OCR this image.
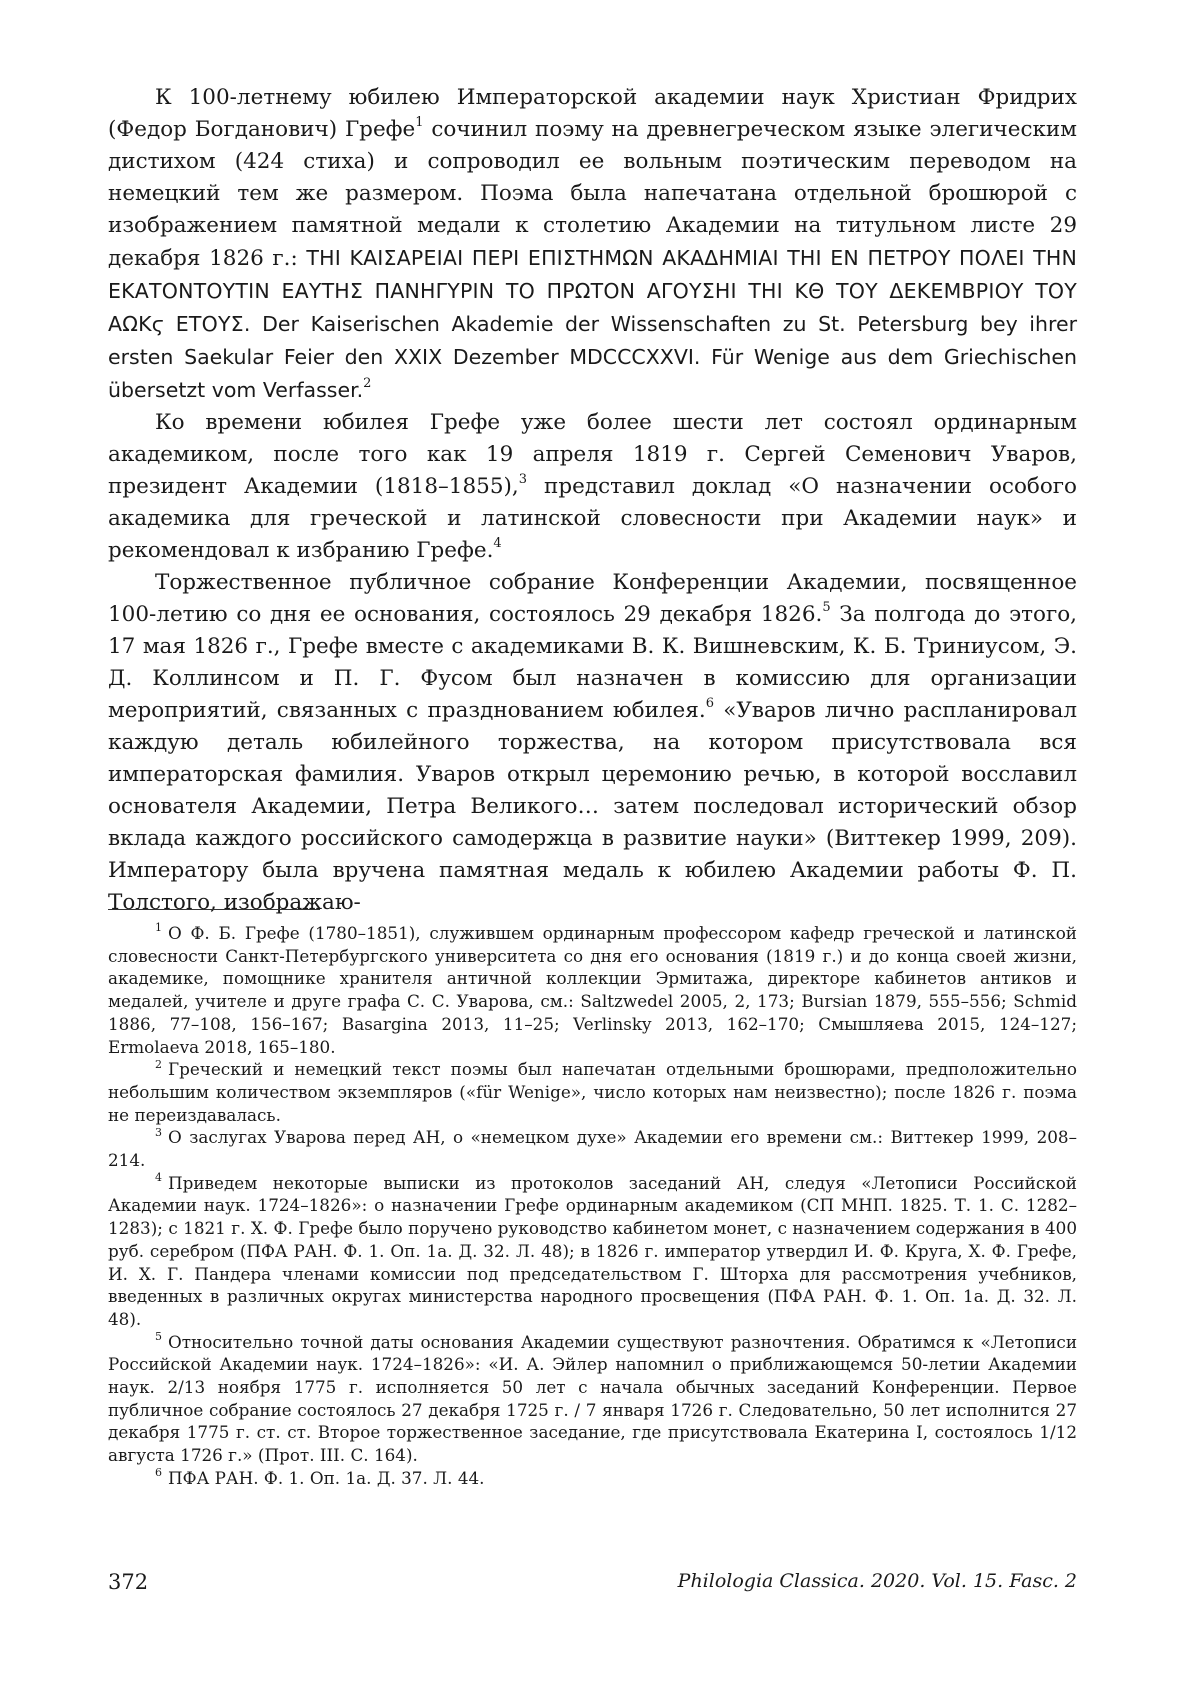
К 100-летнему юбилею Императорской академии наук Христиан Фридрих (Федор Богданович) Грефе$^1$ сочинил поэму на древнегреческом языке элегическим дистихом (424 стиха) и сопроводил ее вольным поэтическим переводом на немецкий тем же размером. Поэма была напечатана отдельной брошюрой с изображением памятной медали к столетию Академии на титульном листе 29 декабря 1826 г.: ΤΗΙ ΚΑΙΣΑΡΕΙΑΙ ΠΕΡΙ ΕΠΙΣΤΗΜΩΝ ΑΚΑΔΗΜΙΑΙ ΤΗΙ ΕΝ ΠΕΤΡΟΥ ΠΟΛΕΙ ΤΗΝ ΕΚΑΤΟΝΤΟΥΤΙΝ ΕΑΥΤΗΣ ΠΑΝΗΓΥΡΙΝ ΤΟ ΠΡΩΤΟΝ ΑΓΟΥΣΗΙ ΤΗΙ ΚΘ ΤΟΥ ΔΕΚΕΜΒΡΙΟΥ ΤΟΥ ΑΩΚϛ ΕΤΟΥΣ. Der Kaiserischen Akademie der Wissenschaften zu St. Petersburg bey ihrer ersten Saekular Feier den XXIX Dezember MDCCCXXVI. Für Wenige aus dem Griechischen übersetzt vom Verfasser.$^2$

Ко времени юбилея Грефе уже более шести лет состоял ординарным академиком, после того как 19 апреля 1819 г. Сергей Семенович Уваров, президент Академии (1818–1855),$^3$ представил доклад «О назначении особого академика для греческой и латинской словесности при Академии наук» и рекомендовал к избранию Грефе.$^4$

Торжественное публичное собрание Конференции Академии, посвященное 100-летию со дня ее основания, состоялось 29 декабря 1826.$^5$ За полгода до этого, 17 мая 1826 г., Грефе вместе с академиками В. К. Вишневским, К. Б. Триниусом, Э. Д. Коллинсом и П. Г. Фусом был назначен в комиссию для организации мероприятий, связанных с празднованием юбилея.$^6$ «Уваров лично распланировал каждую деталь юбилейного торжества, на котором присутствовала вся императорская фамилия. Уваров открыл церемонию речью, в которой восславил основателя Академии, Петра Великого… затем последовал исторический обзор вклада каждого российского самодержца в развитие науки» (Виттекер 1999, 209). Императору была вручена памятная медаль к юбилею Академии работы Ф. П. Толстого, изображаю-

$^1$ О Ф. Б. Грефе (1780–1851), служившем ординарным профессором кафедр греческой и латинской словесности Санкт-Петербургского университета со дня его основания (1819 г.) и до конца своей жизни, академике, помощнике хранителя античной коллекции Эрмитажа, директоре кабинетов антиков и медалей, учителе и друге графа С. С. Уварова, см.: Saltzwedel 2005, 2, 173; Bursian 1879, 555–556; Schmid 1886, 77–108, 156–167; Basargina 2013, 11–25; Verlinsky 2013, 162–170; Смышляева 2015, 124–127; Ermolaeva 2018, 165–180.

$^2$ Греческий и немецкий текст поэмы был напечатан отдельными брошюрами, предположительно небольшим количеством экземпляров («für Wenige», число которых нам неизвестно); после 1826 г. поэма не переиздавалась.

$^3$ О заслугах Уварова перед АН, о «немецком духе» Академии его времени см.: Виттекер 1999, 208–214.

$^4$ Приведем некоторые выписки из протоколов заседаний АН, следуя «Летописи Российской Академии наук. 1724–1826»: о назначении Грефе ординарным академиком (СП МНП. 1825. Т. 1. С. 1282–1283); с 1821 г. Х. Ф. Грефе было поручено руководство кабинетом монет, с назначением содержания в 400 руб. серебром (ПФА РАН. Ф. 1. Оп. 1а. Д. 32. Л. 48); в 1826 г. император утвердил И. Ф. Круга, Х. Ф. Грефе, И. Х. Г. Пандера членами комиссии под председательством Г. Шторха для рассмотрения учебников, введенных в различных округах министерства народного просвещения (ПФА РАН. Ф. 1. Оп. 1а. Д. 32. Л. 48).

$^5$ Относительно точной даты основания Академии существуют разночтения. Обратимся к «Летописи Российской Академии наук. 1724–1826»: «И. А. Эйлер напомнил о приближающемся 50-летии Академии наук. 2/13 ноября 1775 г. исполняется 50 лет с начала обычных заседаний Конференции. Первое публичное собрание состоялось 27 декабря 1725 г. / 7 января 1726 г. Следовательно, 50 лет исполнится 27 декабря 1775 г. ст. ст. Второе торжественное заседание, где присутствовала Екатерина I, состоялось 1/12 августа 1726 г.» (Прот. III. С. 164).

$^6$ ПФА РАН. Ф. 1. Оп. 1а. Д. 37. Л. 44.

372	Philologia Classica. 2020. Vol. 15. Fasc. 2
